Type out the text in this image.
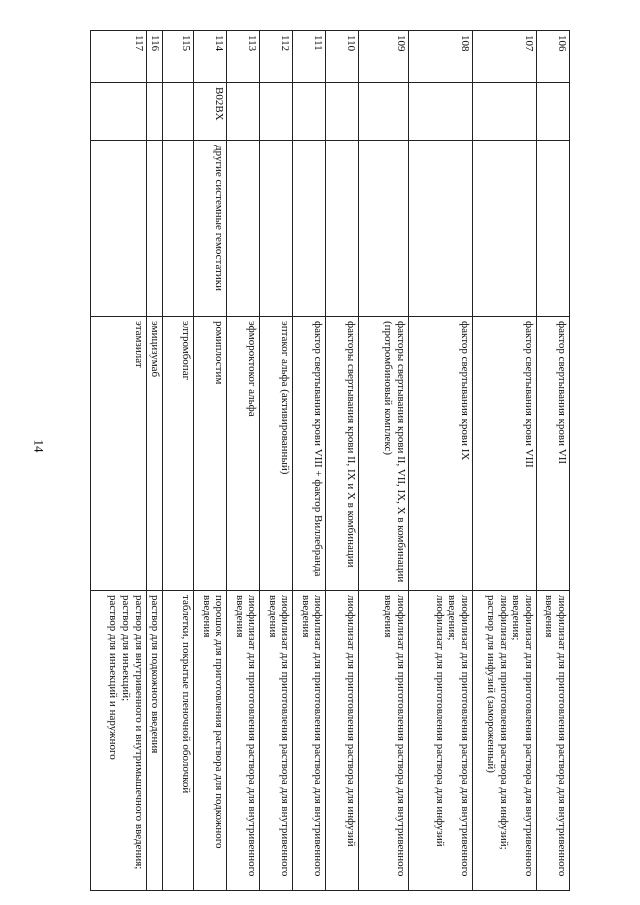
14
106			фактор свертывания крови VII	лиофилизат для приготовления раствора для внутривенного введения
107			фактор свертывания крови VIII	лиофилизат для приготовления раствора для внутривенного введения;
лиофилизат для приготовления раствора для инфузий; раствор для инфузий (замороженный)
108			фактор свертывания крови IX	лиофилизат для приготовления раствора для внутривенного введения;
лиофилизат для приготовления раствора для инфузий
109			факторы свертывания крови II, VII, IX, X в комбинации (протромбиновый комплекс)	лиофилизат для приготовления раствора для внутривенного введения
110			факторы свертывания крови II, IX и X в комбинации	лиофилизат для приготовления раствора для инфузий
111			фактор свертывания крови VIII + фактор Виллебранда	лиофилизат для приготовления раствора для внутривенного введения
112			эптаког альфа (активированный)	лиофилизат для приготовления раствора для внутривенного введения
113			эфмороктоког альфа	лиофилизат для приготовления раствора для внутривенного введения
114	B02BX	другие системные гемостатики	ромиплостим	порошок для приготовления раствора для подкожного введения
115			элтромбопаг	таблетки, покрытые пленочной оболочкой
116			эмицизумаб	раствор для подкожного введения
117			этамзилат	раствор для внутривенного и внутримышечного введения;
раствор для инъекций;
раствор для инъекций и наружного
